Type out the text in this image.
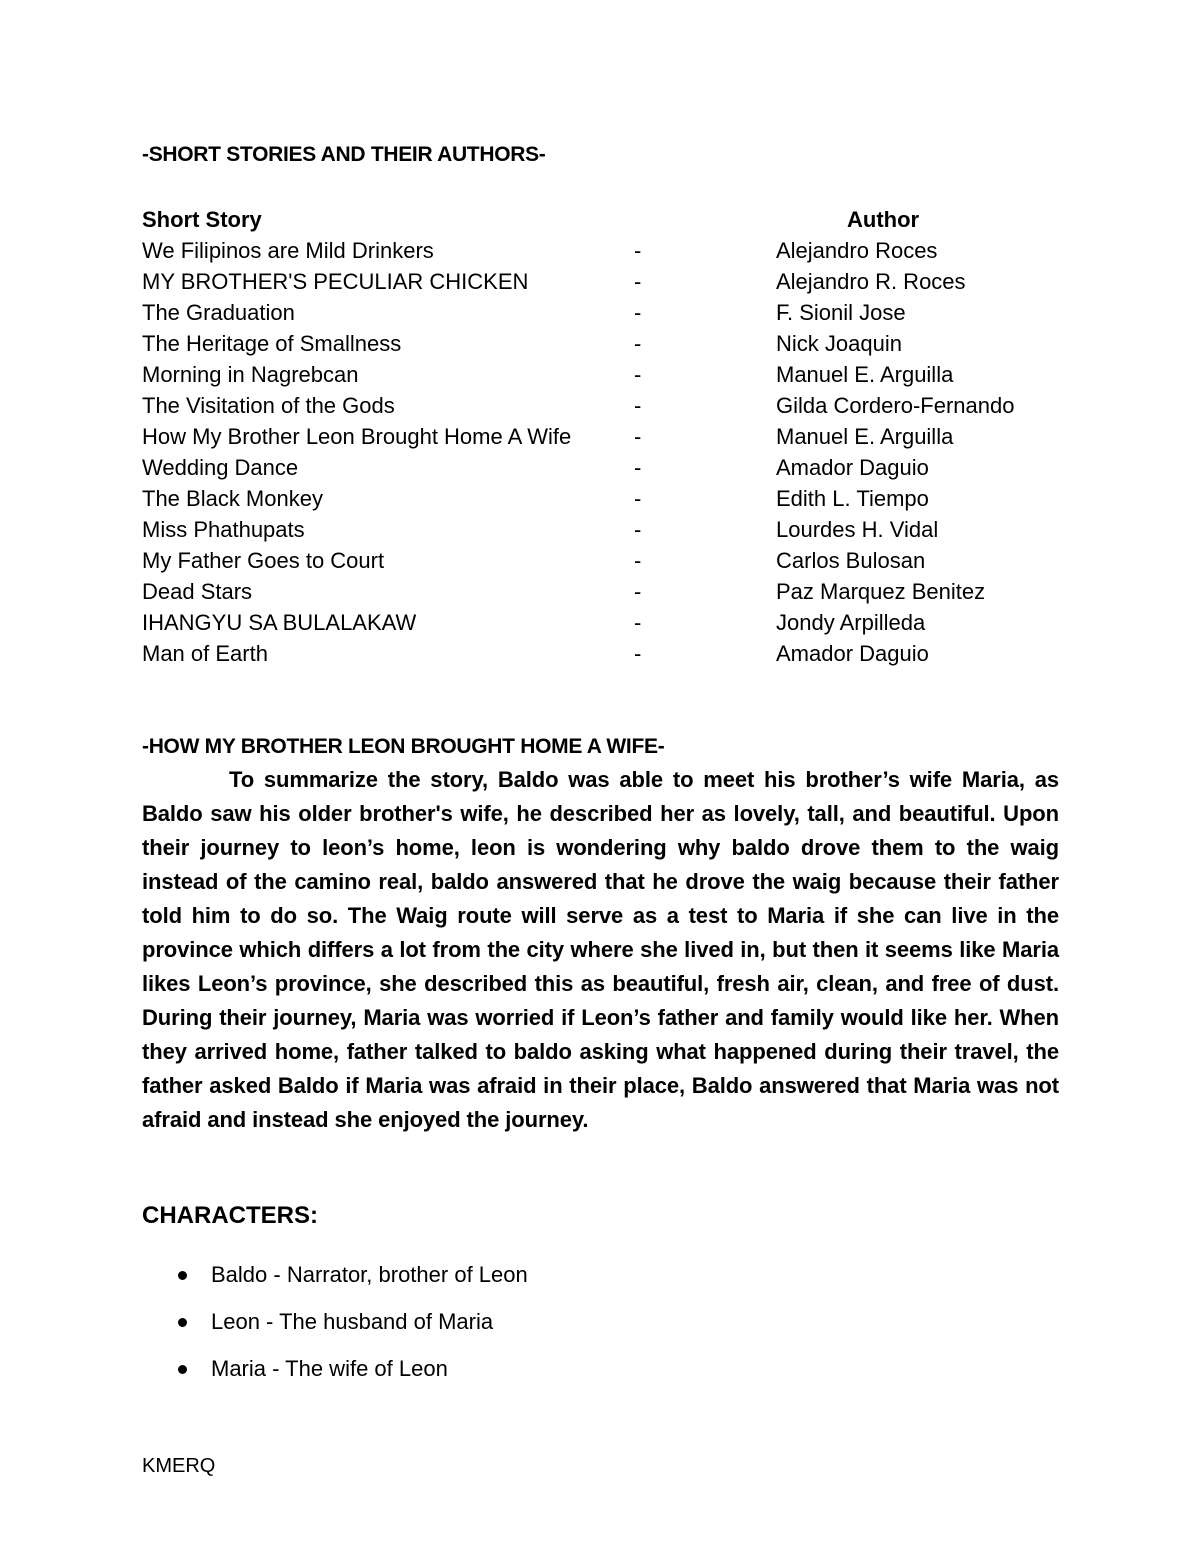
-SHORT STORIES AND THEIR AUTHORS-
Short Story	Author
We Filipinos are Mild Drinkers	-	Alejandro Roces
MY BROTHER'S PECULIAR CHICKEN	-	Alejandro R. Roces
The Graduation	-	F. Sionil Jose
The Heritage of Smallness	-	Nick Joaquin
Morning in Nagrebcan	-	Manuel E. Arguilla
The Visitation of the Gods	-	Gilda Cordero-Fernando
How My Brother Leon Brought Home A Wife	-	Manuel E. Arguilla
Wedding Dance	-	Amador Daguio
The Black Monkey	-	Edith L. Tiempo
Miss Phathupats	-	Lourdes H. Vidal
My Father Goes to Court	-	Carlos Bulosan
Dead Stars	-	Paz Marquez Benitez
IHANGYU SA BULALAKAW	-	Jondy Arpilleda
Man of Earth	-	Amador Daguio
-HOW MY BROTHER LEON BROUGHT HOME A WIFE-

To summarize the story, Baldo was able to meet his brother’s wife Maria, as Baldo saw his older brother's wife, he described her as lovely, tall, and beautiful. Upon their journey to leon’s home, leon is wondering why baldo drove them to the waig instead of the camino real, baldo answered that he drove the waig because their father told him to do so. The Waig route will serve as a test to Maria if she can live in the province which differs a lot from the city where she lived in, but then it seems like Maria likes Leon’s province, she described this as beautiful, fresh air, clean, and free of dust. During their journey, Maria was worried if Leon’s father and family would like her. When they arrived home, father talked to baldo asking what happened during their travel, the father asked Baldo if Maria was afraid in their place, Baldo answered that Maria was not afraid and instead she enjoyed the journey.

CHARACTERS:
Baldo - Narrator, brother of Leon
Leon - The husband of Maria
Maria - The wife of Leon

KMERQ
